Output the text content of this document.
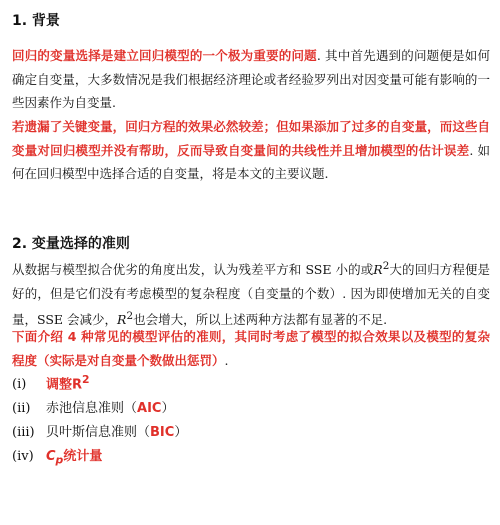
1. 背景
回归的变量选择是建立回归模型的一个极为重要的问题. 其中首先遇到的问题便是如何确定自变量，大多数情况是我们根据经济理论或者经验罗列出对因变量可能有影响的一些因素作为自变量.
若遗漏了关键变量，回归方程的效果必然较差；但如果添加了过多的自变量，而这些自变量对回归模型并没有帮助，反而导致自变量间的共线性并且增加模型的估计误差. 如何在回归模型中选择合适的自变量，将是本文的主要议题.
2. 变量选择的准则
从数据与模型拟合优劣的角度出发，认为残差平方和 SSE 小的或$R^2$大的回归方程便是好的，但是它们没有考虑模型的复杂程度（自变量的个数）. 因为即使增加无关的自变量，SSE 会减少，$R^2$也会增大，所以上述两种方法都有显著的不足.
下面介绍 4 种常见的模型评估的准则，其同时考虑了模型的拟合效果以及模型的复杂程度（实际是对自变量个数做出惩罚）.
(i) 调整$R^2$
(ii) 赤池信息准则（AIC）
(iii) 贝叶斯信息准则（BIC）
(iv) $C_p$统计量
